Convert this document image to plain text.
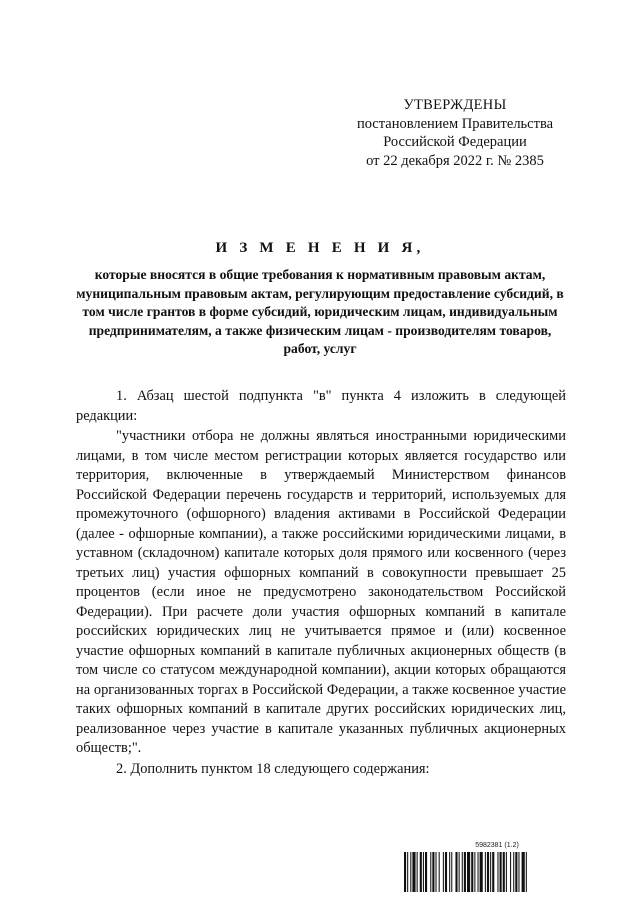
УТВЕРЖДЕНЫ
постановлением Правительства
Российской Федерации
от 22 декабря 2022 г. № 2385
И З М Е Н Е Н И Я,
которые вносятся в общие требования к нормативным правовым актам, муниципальным правовым актам, регулирующим предоставление субсидий, в том числе грантов в форме субсидий, юридическим лицам, индивидуальным предпринимателям, а также физическим лицам - производителям товаров, работ, услуг

1. Абзац шестой подпункта "в" пункта 4 изложить в следующей редакции:

"участники отбора не должны являться иностранными юридическими лицами, в том числе местом регистрации которых является государство или территория, включенные в утверждаемый Министерством финансов Российской Федерации перечень государств и территорий, используемых для промежуточного (офшорного) владения активами в Российской Федерации (далее - офшорные компании), а также российскими юридическими лицами, в уставном (складочном) капитале которых доля прямого или косвенного (через третьих лиц) участия офшорных компаний в совокупности превышает 25 процентов (если иное не предусмотрено законодательством Российской Федерации). При расчете доли участия офшорных компаний в капитале российских юридических лиц не учитывается прямое и (или) косвенное участие офшорных компаний в капитале публичных акционерных обществ (в том числе со статусом международной компании), акции которых обращаются на организованных торгах в Российской Федерации, а также косвенное участие таких офшорных компаний в капитале других российских юридических лиц, реализованное через участие в капитале указанных публичных акционерных обществ;".

2. Дополнить пунктом 18 следующего содержания:

5982381 (1.2)
